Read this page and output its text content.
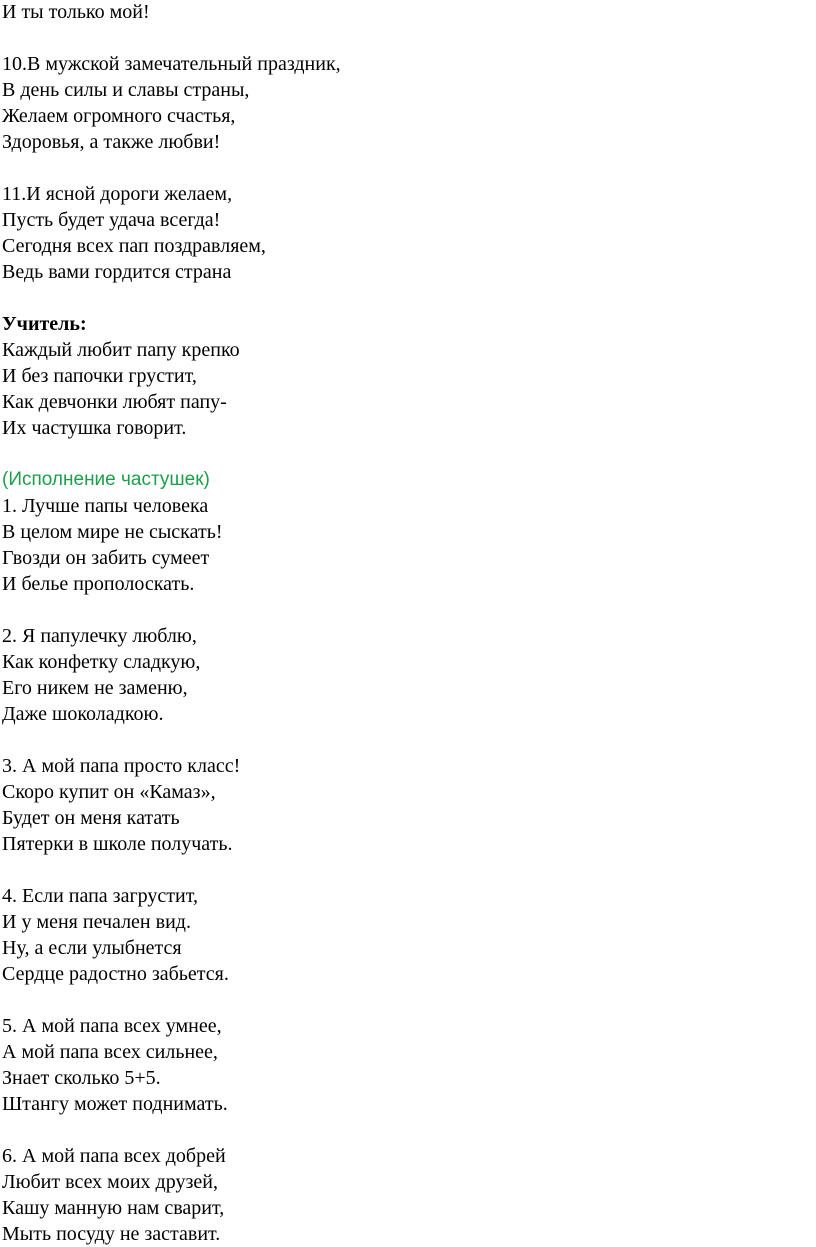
И ты только мой!
10.В мужской замечательный праздник,
В день силы и славы страны,
Желаем огромного счастья,
Здоровья, а также любви!
11.И ясной дороги желаем,
Пусть будет удача всегда!
Сегодня всех пап поздравляем,
Ведь вами гордится страна
Учитель:
Каждый любит папу крепко
И без папочки грустит,
Как девчонки любят папу-
Их частушка говорит.
(Исполнение частушек)
1. Лучше папы человека
В целом мире не сыскать!
Гвозди он забить сумеет
И белье прополоскать.
2. Я папулечку люблю,
Как конфетку сладкую,
Его никем не заменю,
Даже шоколадкою.
3. А мой папа просто класс!
Скоро купит он «Камаз»,
Будет он меня катать
Пятерки в школе получать.
4. Если папа загрустит,
И у меня печален вид.
Ну, а если улыбнется
Сердце радостно забьется.
5. А мой папа всех умнее,
А мой папа всех сильнее,
Знает сколько 5+5.
Штангу может поднимать.
6. А мой папа всех добрей
Любит всех моих друзей,
Кашу манную нам сварит,
Мыть посуду не заставит.
